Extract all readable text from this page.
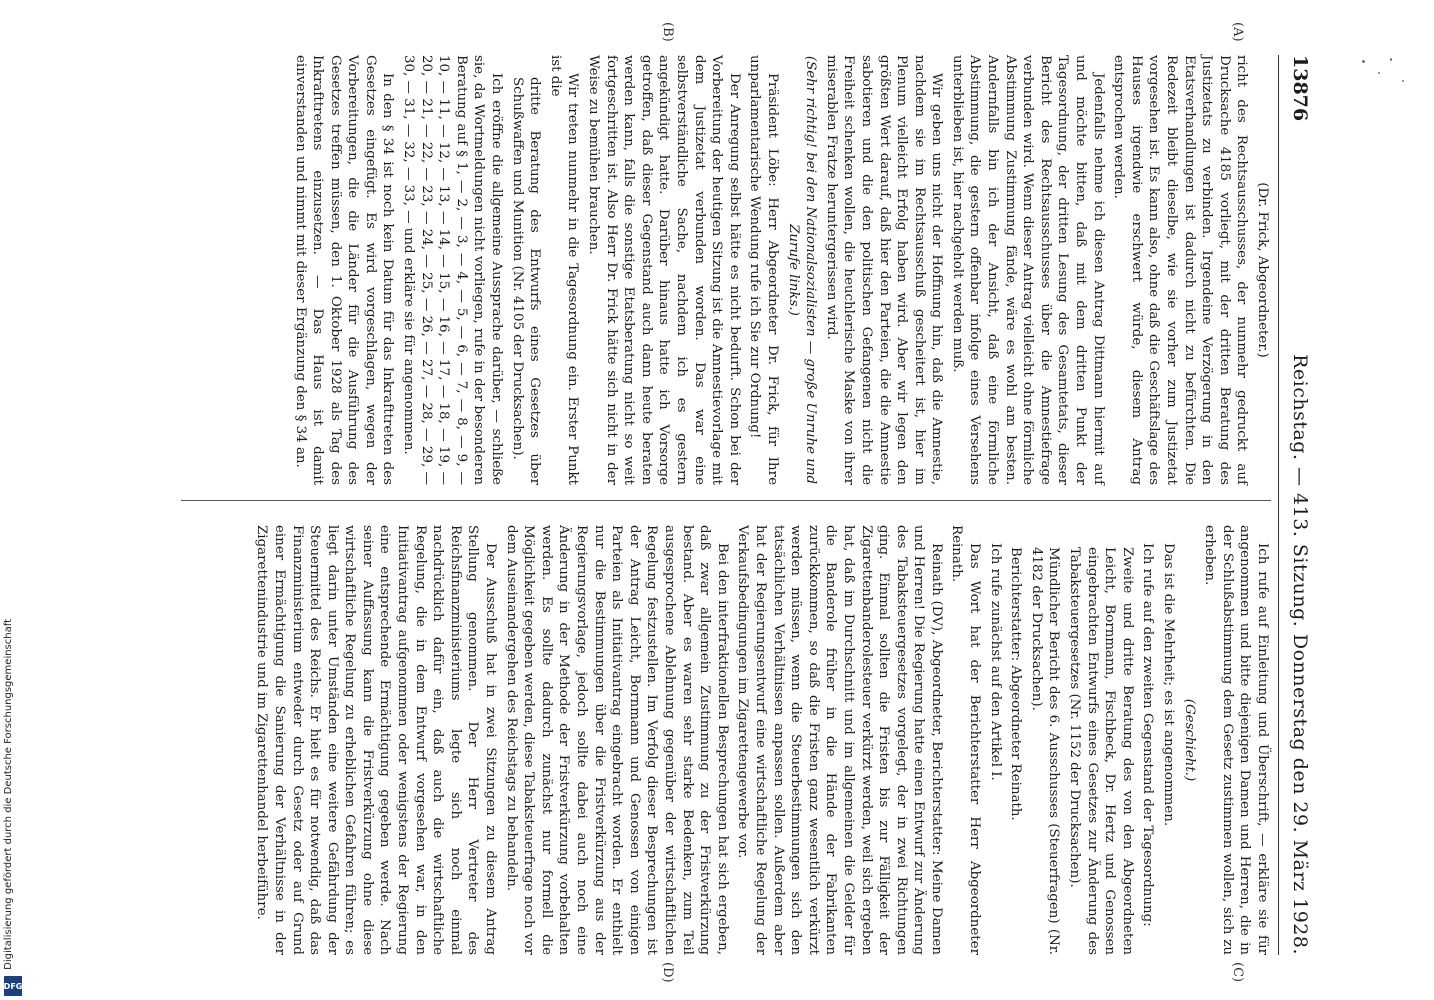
Digitalisierung gefördert durch die Deutsche Forschungsgemeinschaft
DFG
13876
Reichstag. — 413. Sitzung. Donnerstag den 29. März 1928.
(A)
(B)
(C)
(D)

(Dr. Frick, Abgeordneter.)

richt des Rechtsausschusses, der nunmehr gedruckt auf Drucksache 4185 vorliegt, mit der dritten Beratung des Justizetats zu verbinden. Irgendeine Verzögerung in den Etatsverhandlungen ist dadurch nicht zu befürchten. Die Redezeit bleibt dieselbe, wie sie vorher zum Justizetat vorgesehen ist. Es kann also, ohne daß die Geschäftslage des Hauses irgendwie erschwert würde, diesem Antrag entsprochen werden.

Jedenfalls nehme ich diesen Antrag Dittmann hiermit auf und möchte bitten, daß mit dem dritten Punkt der Tagesordnung, der dritten Lesung des Gesamtetats, dieser Bericht des Rechtsausschusses über die Amnestiefrage verbunden wird. Wenn dieser Antrag vielleicht ohne förmliche Abstimmung Zustimmung fände, wäre es wohl am besten. Andernfalls bin ich der Ansicht, daß eine förmliche Abstimmung, die gestern offenbar infolge eines Versehens unterblieben ist, hier nachgeholt werden muß.

Wir geben uns nicht der Hoffnung hin, daß die Amnestie, nachdem sie im Rechtsausschuß gescheitert ist, hier im Plenum vielleicht Erfolg haben wird. Aber wir legen den größten Wert darauf, daß hier den Parteien, die die Amnestie sabotieren und die den politischen Gefangenen nicht die Freiheit schenken wollen, die heuchlerische Maske von ihrer miserablen Fratze heruntergerissen wird.

(Sehr richtig! bei den Nationalsozialisten — große Unruhe und Zurufe links.)

Präsident Löbe: Herr Abgeordneter Dr. Frick, für Ihre unparlamentarische Wendung rufe ich Sie zur Ordnung!

Der Anregung selbst hätte es nicht bedurft. Schon bei der Vorbereitung der heutigen Sitzung ist die Amnestievorlage mit dem Justizetat verbunden worden. Das war eine selbstverständliche Sache, nachdem ich es gestern angekündigt hatte. Darüber hinaus hatte ich Vorsorge getroffen, daß dieser Gegenstand auch dann heute beraten werden kann, falls die sonstige Etatsberatung nicht so weit fortgeschritten ist. Also Herr Dr. Frick hätte sich nicht in der Weise zu bemühen brauchen.

Wir treten nunmehr in die Tagesordnung ein. Erster Punkt ist die

dritte Beratung des Entwurfs eines Gesetzes über Schußwaffen und Munition (Nr. 4105 der Drucksachen).

Ich eröffne die allgemeine Aussprache darüber, — schließe sie, da Wortmeldungen nicht vorliegen, rufe in der besonderen Beratung auf § 1, — 2, — 3, — 4, — 5, — 6, — 7, — 8, — 9, — 10, — 11, — 12, — 13, — 14, — 15, — 16, — 17, — 18, — 19, — 20, — 21, — 22, — 23, — 24, — 25, — 26, — 27, — 28, — 29, — 30, — 31, — 32, — 33, — und erkläre sie für angenommen.

In den § 34 ist noch kein Datum für das Inkrafttreten des Gesetzes eingefügt. Es wird vorgeschlagen, wegen der Vorbereitungen, die die Länder für die Ausführung des Gesetzes treffen müssen, den 1. Oktober 1928 als Tag des Inkrafttretens einzusetzen. — Das Haus ist damit einverstanden und nimmt mit dieser Ergänzung den § 34 an.

Ich rufe auf Einleitung und Überschrift, — erkläre sie für angenommen und bitte diejenigen Damen und Herren, die in der Schlußabstimmung dem Gesetz zustimmen wollen, sich zu erheben.

(Geschieht.)

Das ist die Mehrheit; es ist angenommen.

Ich rufe auf den zweiten Gegenstand der Tagesordnung:

Zweite und dritte Beratung des von den Abgeordneten Leicht, Bornmann, Fischbeck, Dr. Hertz und Genossen eingebrachten Entwurfs eines Gesetzes zur Änderung des Tabaksteuergesetzes (Nr. 1152 der Drucksachen).

Mündlicher Bericht des 6. Ausschusses (Steuerfragen) (Nr. 4182 der Drucksachen).

Berichterstatter: Abgeordneter Reinath.

Ich rufe zunächst auf den Artikel I.

Das Wort hat der Berichterstatter Herr Abgeordneter Reinath.

Reinath (DV), Abgeordneter, Berichterstatter: Meine Damen und Herren! Die Regierung hatte einen Entwurf zur Änderung des Tabaksteuergesetzes vorgelegt, der in zwei Richtungen ging. Einmal sollten die Fristen bis zur Fälligkeit der Zigarettenbanderolesteuer verkürzt werden, weil sich ergeben hat, daß im Durchschnitt und im allgemeinen die Gelder für die Banderole früher in die Hände der Fabrikanten zurückkommen, so daß die Fristen ganz wesentlich verkürzt werden müssen, wenn die Steuerbestimmungen sich den tatsächlichen Verhältnissen anpassen sollen. Außerdem aber hat der Regierungsentwurf eine wirtschaftliche Regelung der Verkaufsbedingungen im Zigarettengewerbe vor.

Bei den interfraktionellen Besprechungen hat sich ergeben, daß zwar allgemein Zustimmung zu der Fristverkürzung bestand. Aber es waren sehr starke Bedenken, zum Teil ausgesprochene Ablehnung gegenüber der wirtschaftlichen Regelung festzustellen. Im Verfolg dieser Besprechungen ist der Antrag Leicht, Bornmann und Genossen von einigen Parteien als Initiativantrag eingebracht worden. Er enthielt nur die Bestimmungen über die Fristverkürzung aus der Regierungsvorlage, jedoch sollte dabei auch noch eine Änderung in der Methode der Fristverkürzung vorbehalten werden. Es sollte dadurch zunächst nur formell die Möglichkeit gegeben werden, diese Tabaksteuerfrage noch vor dem Auseinandergehen des Reichstags zu behandeln.

Der Ausschuß hat in zwei Sitzungen zu diesem Antrag Stellung genommen. Der Herr Vertreter des Reichsfinanzministeriums legte sich noch einmal nachdrücklich dafür ein, daß auch die wirtschaftliche Regelung, die in dem Entwurf vorgesehen war, in den Initiativantrag aufgenommen oder wenigstens der Regierung eine entsprechende Ermächtigung gegeben werde. Nach seiner Auffassung kann die Fristverkürzung ohne diese wirtschaftliche Regelung zu erheblichen Gefahren führen; es liegt darin unter Umständen eine weitere Gefährdung der Steuermittel des Reichs. Er hielt es für notwendig, daß das Finanzministerium entweder durch Gesetz oder auf Grund einer Ermächtigung die Sanierung der Verhältnisse in der Zigarettenindustrie und im Zigarettenhandel herbeiführe.
